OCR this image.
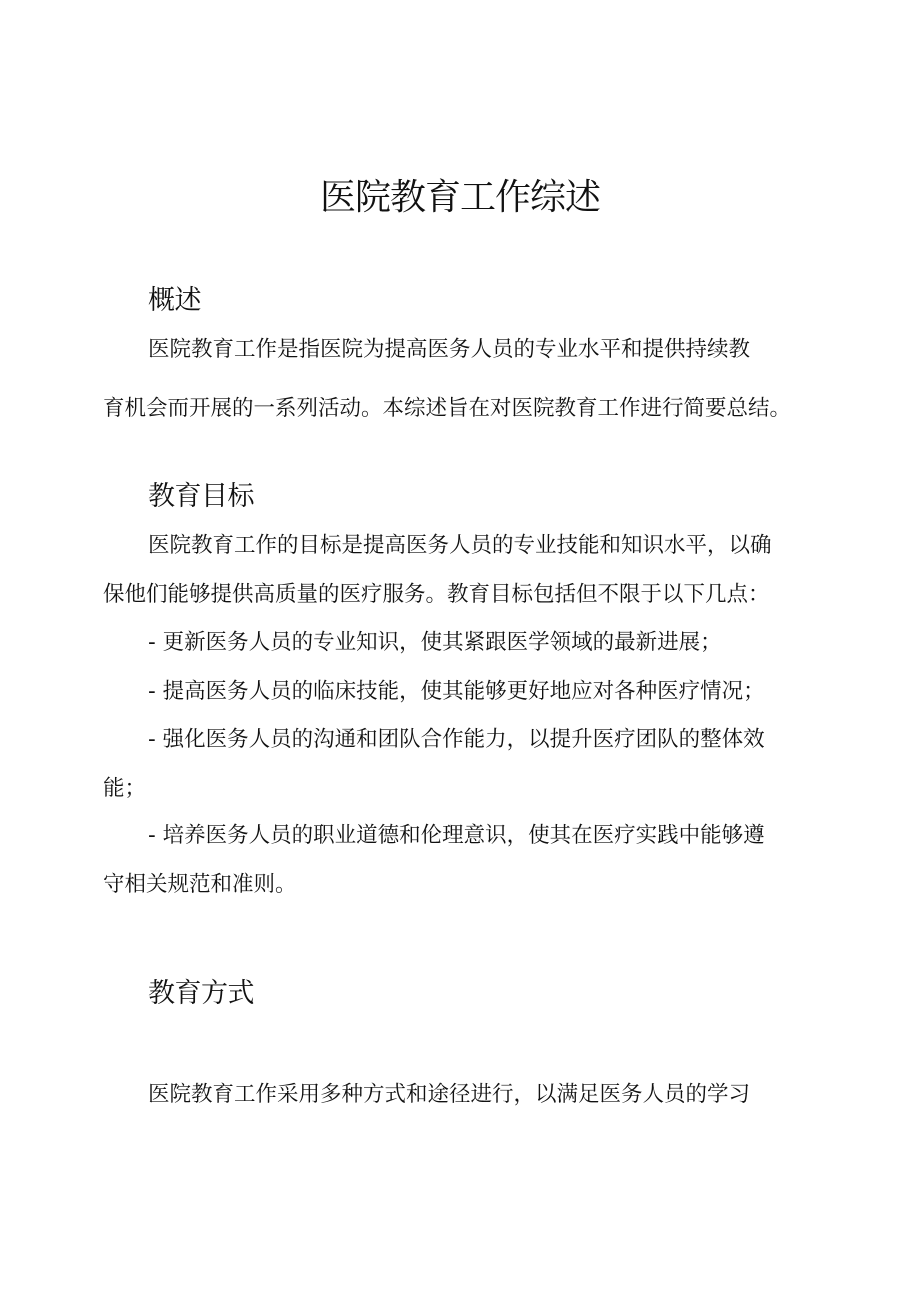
医院教育工作综述
概述

医院教育工作是指医院为提高医务人员的专业水平和提供持续教

育机会而开展的一系列活动。本综述旨在对医院教育工作进行简要总结。

教育目标

医院教育工作的目标是提高医务人员的专业技能和知识水平，以确

保他们能够提供高质量的医疗服务。教育目标包括但不限于以下几点：

- 更新医务人员的专业知识，使其紧跟医学领域的最新进展；

- 提高医务人员的临床技能，使其能够更好地应对各种医疗情况；

- 强化医务人员的沟通和团队合作能力，以提升医疗团队的整体效

能；

- 培养医务人员的职业道德和伦理意识，使其在医疗实践中能够遵

守相关规范和准则。

教育方式

医院教育工作采用多种方式和途径进行，以满足医务人员的学习
